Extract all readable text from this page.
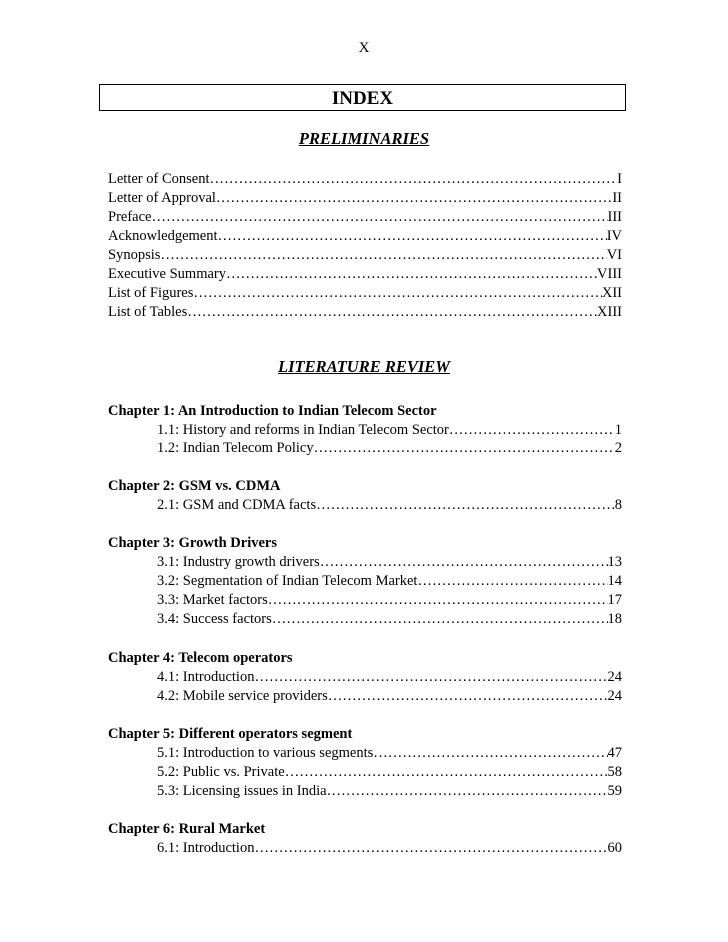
X
INDEX
PRELIMINARIES
Letter of Consent …………………………………………………………………………………………………………………………………………………………………………………	I
Letter of Approval …………………………………………………………………………………………………………………………………………………………………………………	II
Preface …………………………………………………………………………………………………………………………………………………………………………………	III
Acknowledgement …………………………………………………………………………………………………………………………………………………………………………………	IV
Synopsis …………………………………………………………………………………………………………………………………………………………………………………	VI
Executive Summary …………………………………………………………………………………………………………………………………………………………………………………	VIII
List of Figures …………………………………………………………………………………………………………………………………………………………………………………	XII
List of Tables …………………………………………………………………………………………………………………………………………………………………………………	XIII
LITERATURE REVIEW
Chapter 1: An Introduction to Indian Telecom Sector
1.1: History and reforms in Indian Telecom Sector …………………………………………………………………………………………………………………………………………………………………………………	1
1.2: Indian Telecom Policy …………………………………………………………………………………………………………………………………………………………………………………	2
Chapter 2: GSM vs. CDMA
2.1: GSM and CDMA facts …………………………………………………………………………………………………………………………………………………………………………………	8
Chapter 3: Growth Drivers
3.1: Industry growth drivers …………………………………………………………………………………………………………………………………………………………………………………	13
3.2: Segmentation of Indian Telecom Market …………………………………………………………………………………………………………………………………………………………………………………	14
3.3: Market factors …………………………………………………………………………………………………………………………………………………………………………………	17
3.4: Success factors …………………………………………………………………………………………………………………………………………………………………………………	18
Chapter 4: Telecom operators
4.1: Introduction …………………………………………………………………………………………………………………………………………………………………………………	24
4.2: Mobile service providers …………………………………………………………………………………………………………………………………………………………………………………	24
Chapter 5: Different operators segment
5.1: Introduction to various segments …………………………………………………………………………………………………………………………………………………………………………………	47
5.2: Public vs. Private …………………………………………………………………………………………………………………………………………………………………………………	58
5.3: Licensing issues in India …………………………………………………………………………………………………………………………………………………………………………………	59
Chapter 6: Rural Market
6.1: Introduction …………………………………………………………………………………………………………………………………………………………………………………	60
